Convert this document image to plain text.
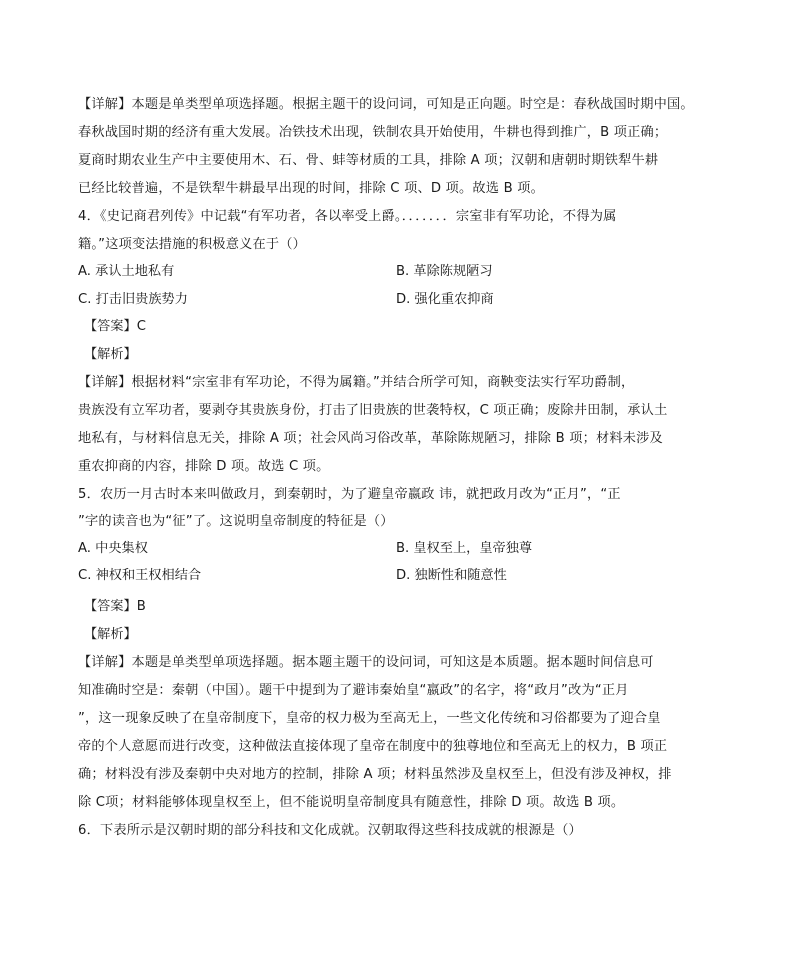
【详解】本题是单类型单项选择题。根据主题干的设问词，可知是正向题。时空是：春秋战国时期中国。
春秋战国时期的经济有重大发展。冶铁技术出现，铁制农具开始使用，牛耕也得到推广，B 项正确；
夏商时期农业生产中主要使用木、石、骨、蚌等材质的工具，排除 A 项；汉朝和唐朝时期铁犁牛耕
已经比较普遍，不是铁犁牛耕最早出现的时间，排除 C 项、D 项。故选 B 项。
4．《史记商君列传》中记载“有军功者，各以率受上爵。．．．．．．．宗室非有军功论，不得为属
籍。”这项变法措施的积极意义在于（）
A. 承认土地私有	B. 革除陈规陋习
C. 打击旧贵族势力	D. 强化重农抑商
【答案】C
【解析】
【详解】根据材料“宗室非有军功论，不得为属籍。”并结合所学可知，商鞅变法实行军功爵制，
贵族没有立军功者，要剥夺其贵族身份，打击了旧贵族的世袭特权，C 项正确；废除井田制，承认土
地私有，与材料信息无关，排除 A 项；社会风尚习俗改革，革除陈规陋习，排除 B 项；材料未涉及
重农抑商的内容，排除 D 项。故选 C 项。
5．农历一月古时本来叫做政月，到秦朝时，为了避皇帝嬴政 讳，就把政月改为“正月”，“正
”字的读音也为“征”了。这说明皇帝制度的特征是（）
A. 中央集权	B. 皇权至上，皇帝独尊
C. 神权和王权相结合	D. 独断性和随意性
【答案】B
【解析】
【详解】本题是单类型单项选择题。据本题主题干的设问词，可知这是本质题。据本题时间信息可
知准确时空是：秦朝（中国）。题干中提到为了避讳秦始皇“嬴政”的名字，将“政月”改为“正月
”，这一现象反映了在皇帝制度下，皇帝的权力极为至高无上，一些文化传统和习俗都要为了迎合皇
帝的个人意愿而进行改变，这种做法直接体现了皇帝在制度中的独尊地位和至高无上的权力，B 项正
确；材料没有涉及秦朝中央对地方的控制，排除 A 项；材料虽然涉及皇权至上，但没有涉及神权，排
除 C项；材料能够体现皇权至上，但不能说明皇帝制度具有随意性，排除 D 项。故选 B 项。
6．下表所示是汉朝时期的部分科技和文化成就。汉朝取得这些科技成就的根源是（）
